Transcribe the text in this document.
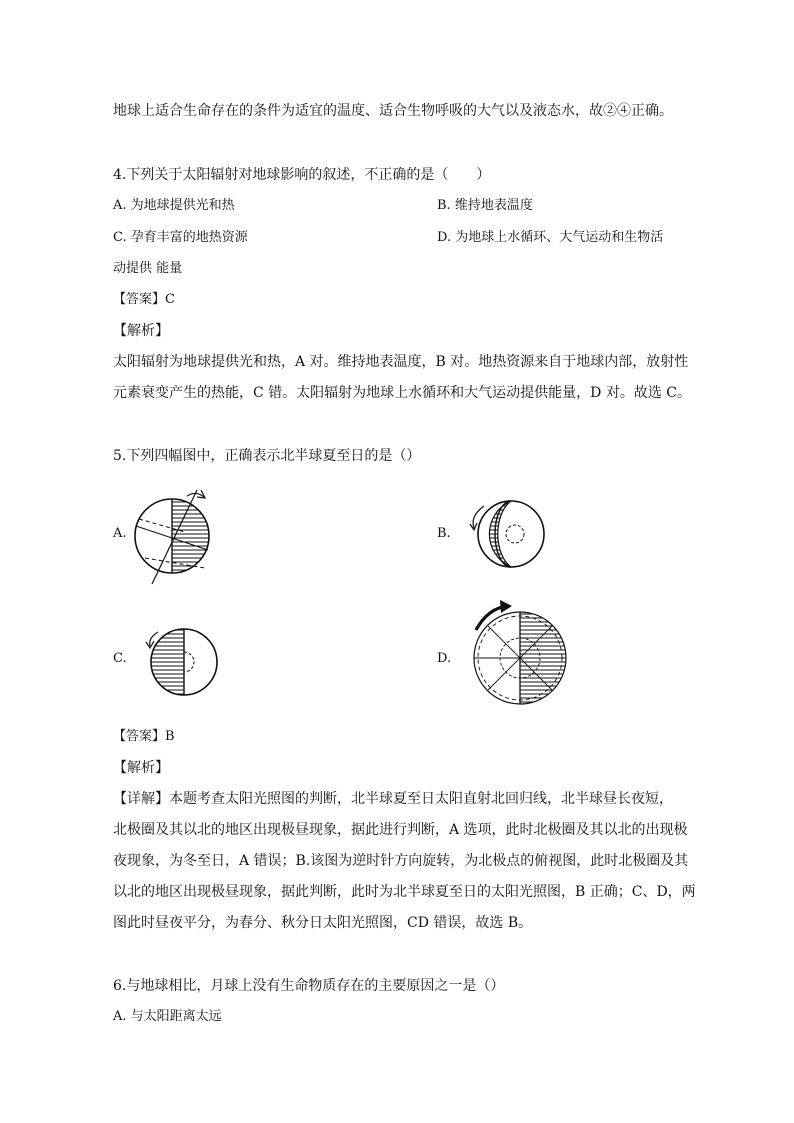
地球上适合生命存在的条件为适宜的温度、适合生物呼吸的大气以及液态水，故②④正确。
4.下列关于太阳辐射对地球影响的叙述，不正确的是（　　）
A. 为地球提供光和热	B. 维持地表温度
C. 孕育丰富的地热资源	D. 为地球上水循环、大气运动和生物活
动提供 能量
【答案】C
【解析】
太阳辐射为地球提供光和热，A 对。维持地表温度，B 对。地热资源来自于地球内部，放射性
元素衰变产生的热能，C 错。太阳辐射为地球上水循环和大气运动提供能量，D 对。故选 C。
5.下列四幅图中，正确表示北半球夏至日的是（）
A.	B.
C.	D.
【答案】B
【解析】
【详解】本题考查太阳光照图的判断，北半球夏至日太阳直射北回归线，北半球昼长夜短，
北极圈及其以北的地区出现极昼现象，据此进行判断，A 选项，此时北极圈及其以北的出现极
夜现象，为冬至日，A 错误；B.该图为逆时针方向旋转，为北极点的俯视图，此时北极圈及其
以北的地区出现极昼现象，据此判断，此时为北半球夏至日的太阳光照图，B 正确；C、D，两
图此时昼夜平分，为春分、秋分日太阳光照图，CD 错误，故选 B。
6.与地球相比，月球上没有生命物质存在的主要原因之一是（）
A. 与太阳距离太远
